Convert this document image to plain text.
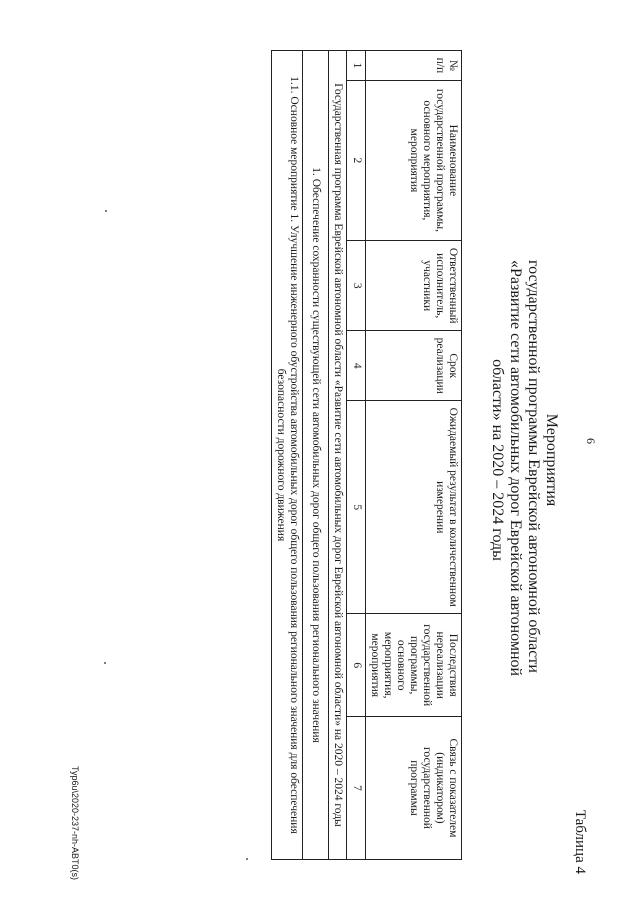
6
Таблица 4
Мероприятия
государственной программы Еврейской автономной области
«Развитие сети автомобильных дорог Еврейской автономной
области» на 2020 – 2024 годы
№ п/п	Наименование государственной программы, основного мероприятия, мероприятия	Ответственный исполнитель, участники	Срок реализации	Ожидаемый результат в количественном измерении	Последствия нереализации государственной программы, основного мероприятия, мероприятия	Связь с показателем (индикатором) государственной программы
1	2	3	4	5	6	7
Государственная программа Еврейской автономной области «Развитие сети автомобильных дорог Еврейской автономной области» на 2020 – 2024 годы						
1. Обеспечение сохранности существующей сети автомобильных дорог общего пользования регионального значения						
1.1. Основное мероприятие 1. Улучшение инженерного обустройства автомобильных дорог общего пользования регионального значения для обеспечения безопасности дорожного движения						
Typ6u\2020-237-nh-ABT0(s)
